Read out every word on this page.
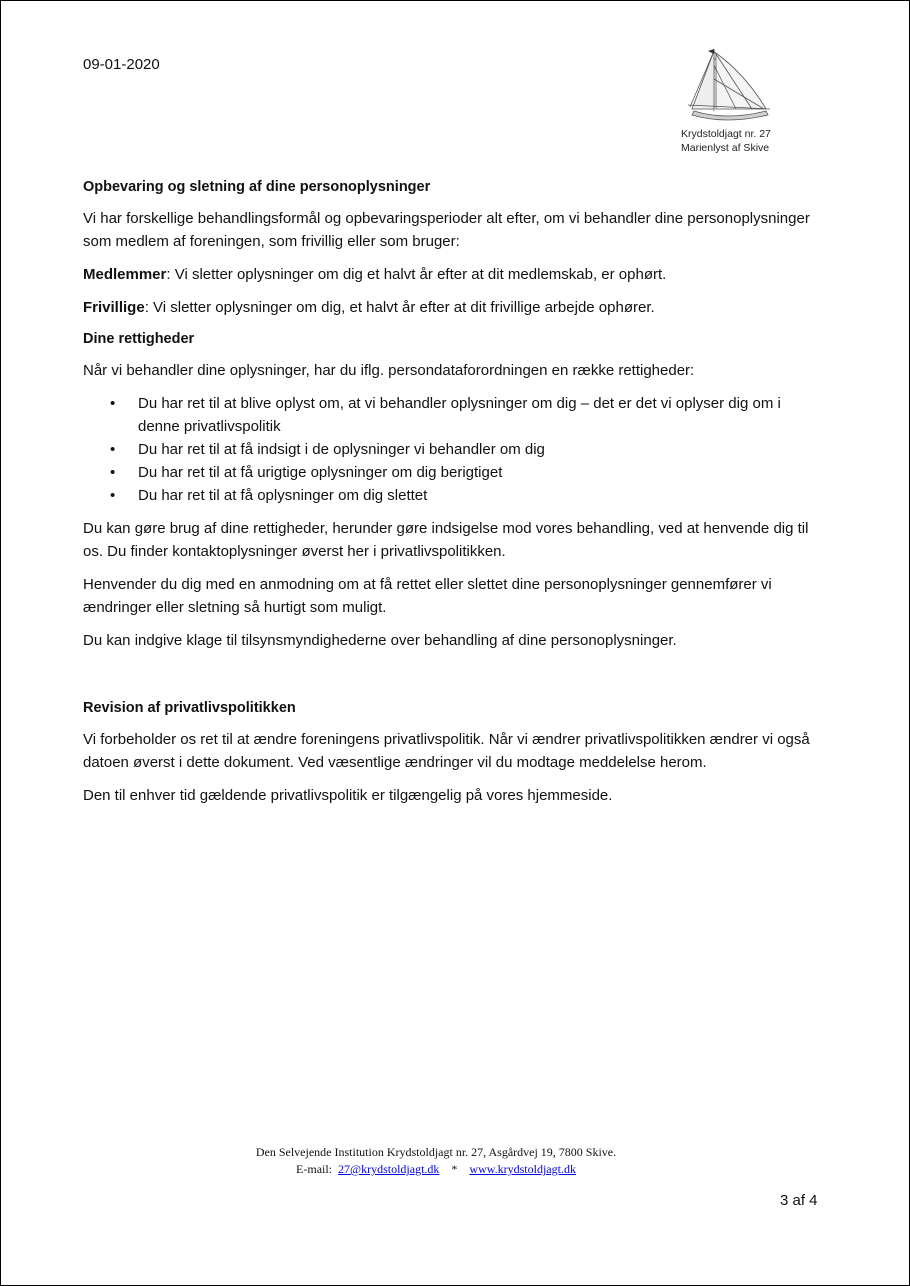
09-01-2020
Krydstoldjagt nr. 27
Marienlyst af Skive
Opbevaring og sletning af dine personoplysninger

Vi har forskellige behandlingsformål og opbevaringsperioder alt efter, om vi behandler dine personoplysninger som medlem af foreningen, som frivillig eller som bruger:

Medlemmer: Vi sletter oplysninger om dig et halvt år efter at dit medlemskab, er ophørt.

Frivillige: Vi sletter oplysninger om dig, et halvt år efter at dit frivillige arbejde ophører.

Dine rettigheder

Når vi behandler dine oplysninger, har du iflg. persondataforordningen en række rettigheder:

• Du har ret til at blive oplyst om, at vi behandler oplysninger om dig – det er det vi oplyser dig om i denne privatlivspolitik
• Du har ret til at få indsigt i de oplysninger vi behandler om dig
• Du har ret til at få urigtige oplysninger om dig berigtiget
• Du har ret til at få oplysninger om dig slettet

Du kan gøre brug af dine rettigheder, herunder gøre indsigelse mod vores behandling, ved at henvende dig til os. Du finder kontaktoplysninger øverst her i privatlivspolitikken.

Henvender du dig med en anmodning om at få rettet eller slettet dine personoplysninger gennemfører vi ændringer eller sletning så hurtigt som muligt.

Du kan indgive klage til tilsynsmyndighederne over behandling af dine personoplysninger.

Revision af privatlivspolitikken

Vi forbeholder os ret til at ændre foreningens privatlivspolitik. Når vi ændrer privatlivspolitikken ændrer vi også datoen øverst i dette dokument. Ved væsentlige ændringer vil du modtage meddelelse herom.

Den til enhver tid gældende privatlivspolitik er tilgængelig på vores hjemmeside.

Den Selvejende Institution Krydstoldjagt nr. 27, Asgårdvej 19, 7800 Skive.
E-mail: 27@krydstoldjagt.dk * www.krydstoldjagt.dk
3 af 4
